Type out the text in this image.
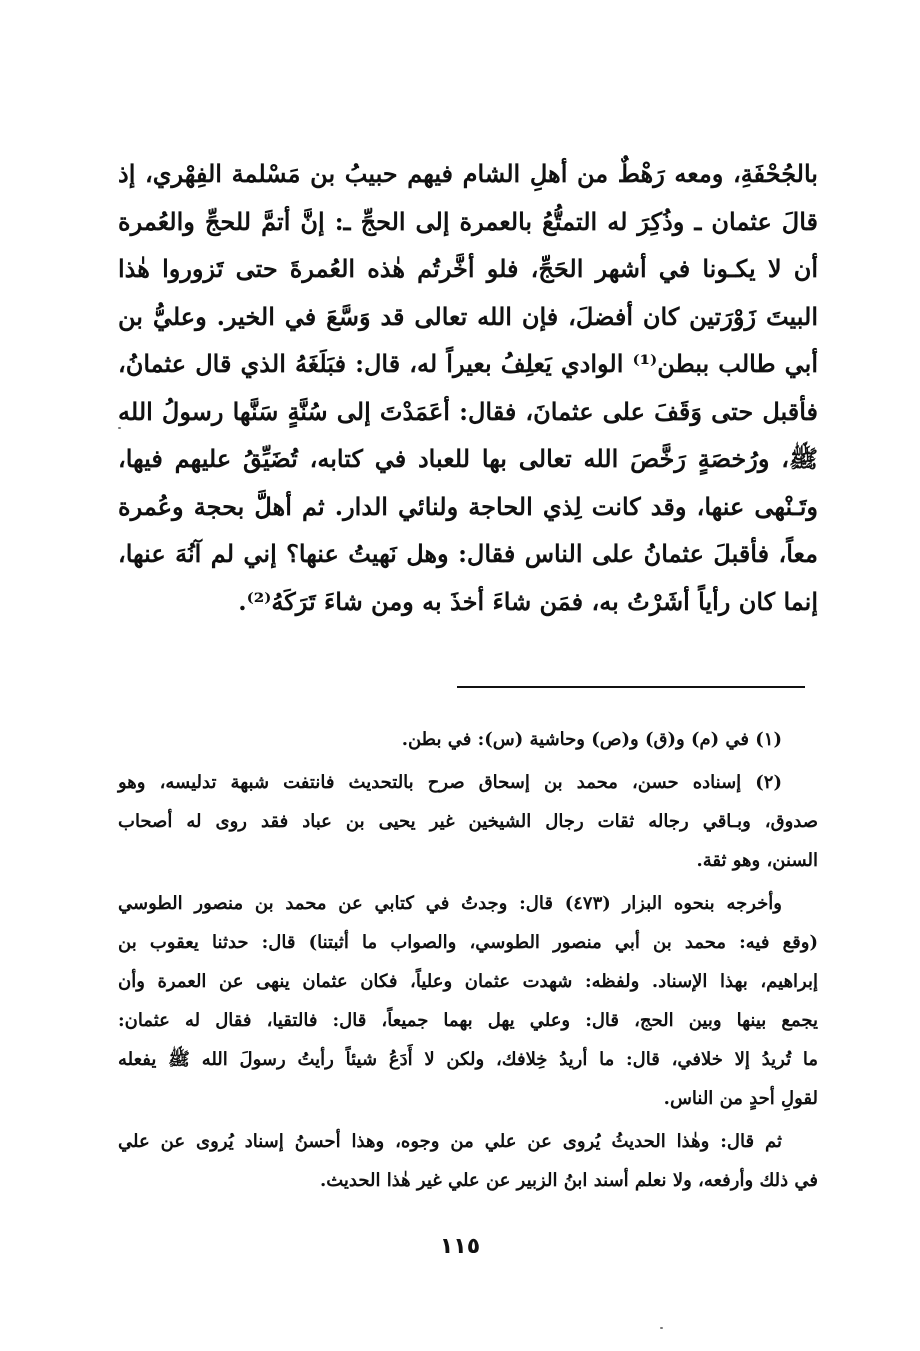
بالجُحْفَةِ، ومعه رَهْطٌ من أهلِ الشام فيهم حبيبُ بن مَسْلمة الفِهْري، إذ
قالَ عثمان ـ وذُكِرَ له التمتُّعُ بالعمرة إلى الحجِّ ـ: إنَّ أتمَّ للحجِّ والعُمرة
أن لا يكـونا في أشهر الحَجِّ، فلو أخَّرتُم هٰذه العُمرةَ حتى تَزوروا هٰذا
البيتَ زَوْرَتين كان أفضلَ، فإن الله تعالى قد وَسَّعَ في الخير. وعليُّ بن
أبي طالب ببطن⁽¹⁾ الوادي يَعلِفُ بعيراً له، قال: فبَلَغَهُ الذي قال عثمانُ،
فأقبل حتى وَقَفَ على عثمانَ، فقال: أعَمَدْتَ إلى سُنَّةٍ سَنَّها رسولُ الله
ﷺ، ورُخصَةٍ رَخَّصَ الله تعالى بها للعباد في كتابه، تُضَيِّقُ عليهم فيها،
وتَـنْهى عنها، وقد كانت لِذي الحاجة ولنائي الدار. ثم أهلَّ بحجة وعُمرة
معاً، فأقبلَ عثمانُ على الناس فقال: وهل نَهيتُ عنها؟ إني لم آنُهَ عنها،
إنما كان رأياً أشَرْتُ به، فمَن شاءَ أخذَ به ومن شاءَ تَرَكَهُ⁽²⁾.
(١) في (م) و(ق) و(ص) وحاشية (س): في بطن.
(٢) إسناده حسن، محمد بن إسحاق صرح بالتحديث فانتفت شبهة تدليسه، وهو
صدوق، وبـاقي رجاله ثقات رجال الشيخين غير يحيى بن عباد فقد روى له أصحاب
السنن، وهو ثقة.
وأخرجه بنحوه البزار (٤٧٣) قال: وجدتُ في كتابي عن محمد بن منصور الطوسي
(وقع فيه: محمد بن أبي منصور الطوسي، والصواب ما أثبتنا) قال: حدثنا يعقوب بن
إبراهيم، بهذا الإسناد. ولفظه: شهدت عثمان وعلياً، فكان عثمان ينهى عن العمرة وأن
يجمع بينها وبين الحج، قال: وعلي يهل بهما جميعاً، قال: فالتقيا، فقال له عثمان:
ما تُريدُ إلا خلافي، قال: ما أريدُ خِلافك، ولكن لا أَدَعُ شيئاً رأيتُ رسولَ الله ﷺ يفعله
لقولِ أحدٍ من الناس.
ثم قال: وهٰذا الحديثُ يُروى عن علي من وجوه، وهذا أحسنُ إسناد يُروى عن علي
في ذلك وأرفعه، ولا نعلم أسند ابنُ الزبير عن علي غير هٰذا الحديث.
١١٥
